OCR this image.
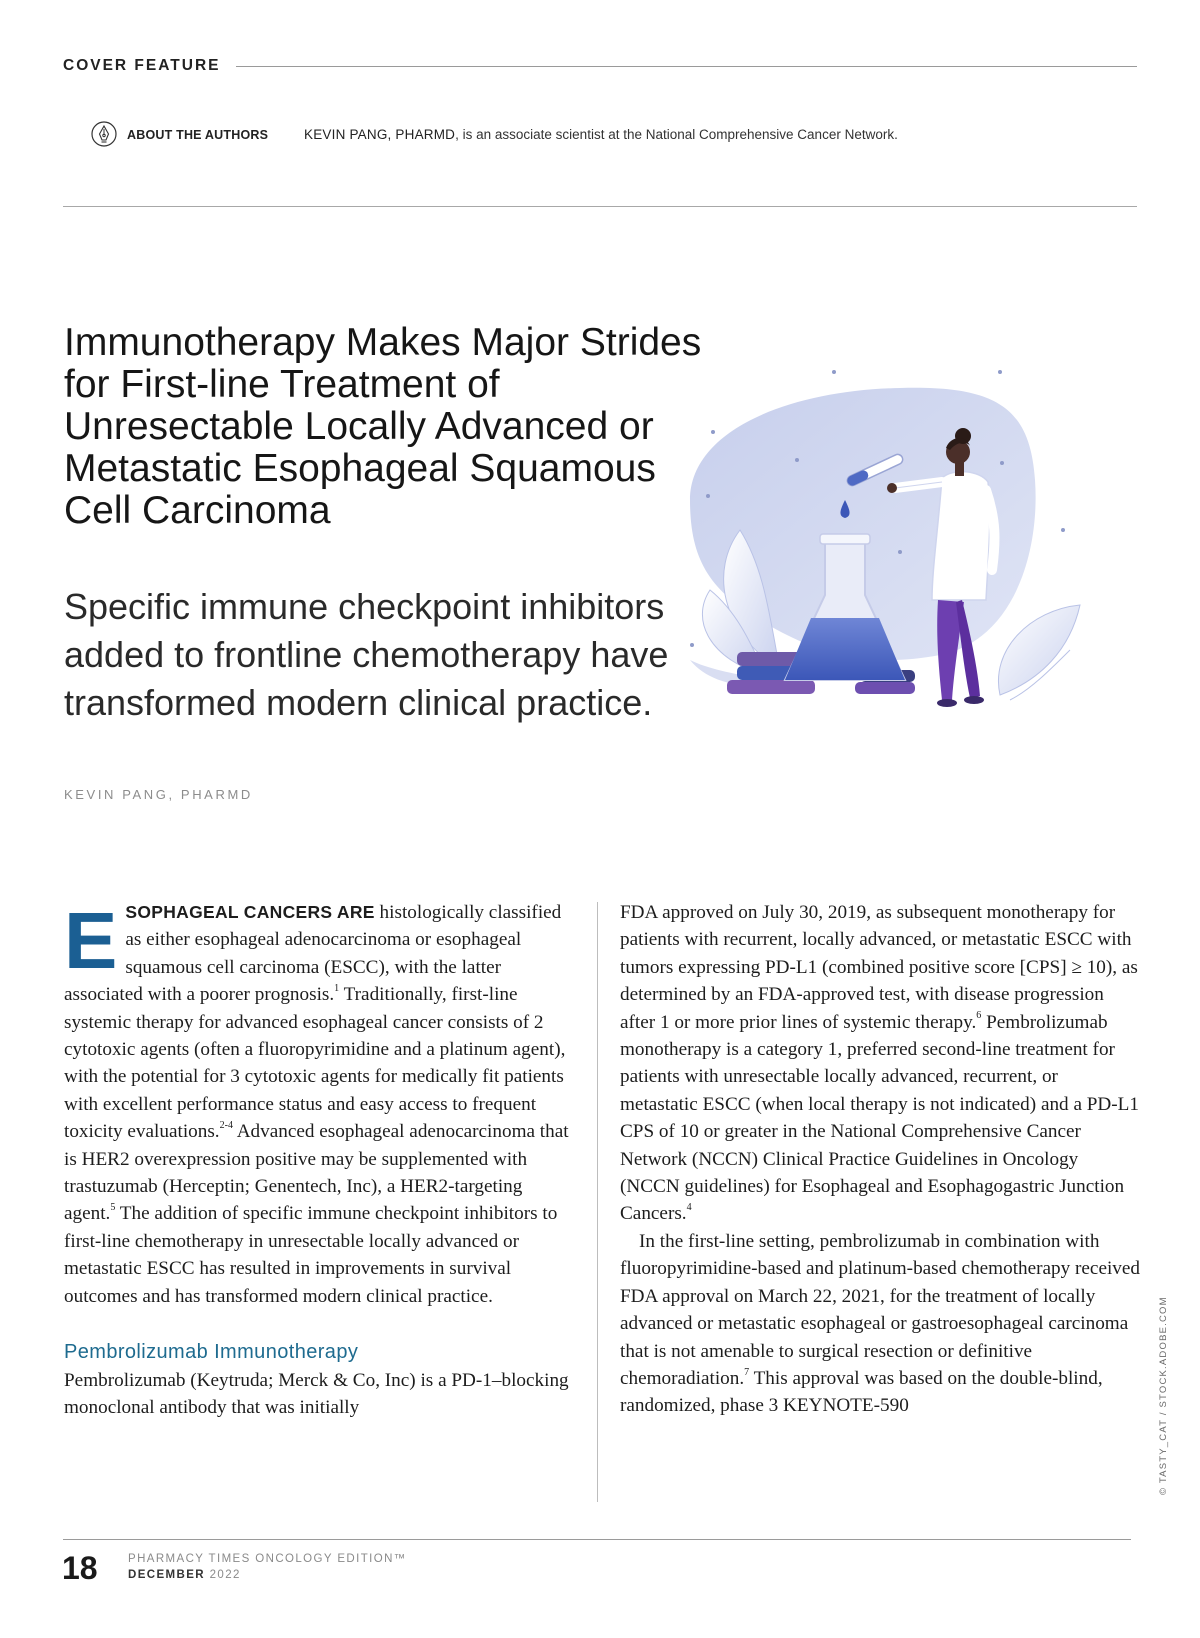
COVER FEATURE
ABOUT THE AUTHORS	KEVIN PANG, PHARMD, is an associate scientist at the National Comprehensive Cancer Network.
Immunotherapy Makes Major Strides for First-line Treatment of Unresectable Locally Advanced or Metastatic Esophageal Squamous Cell Carcinoma
Specific immune checkpoint inhibitors added to frontline chemotherapy have transformed modern clinical practice.
KEVIN PANG, PHARMD

ESOPHAGEAL CANCERS ARE histologically classified as either esophageal adenocarcinoma or esophageal squamous cell carcinoma (ESCC), with the latter associated with a poorer prognosis.$^1$ Traditionally, first-line systemic therapy for advanced esophageal cancer consists of 2 cytotoxic agents (often a fluoropyrimidine and a platinum agent), with the potential for 3 cytotoxic agents for medically fit patients with excellent performance status and easy access to frequent toxicity evaluations.$^{2-4}$ Advanced esophageal adenocarcinoma that is HER2 overexpression positive may be supplemented with trastuzumab (Herceptin; Genentech, Inc), a HER2-targeting agent.$^5$ The addition of specific immune checkpoint inhibitors to first-line chemotherapy in unresectable locally advanced or metastatic ESCC has resulted in improvements in survival outcomes and has transformed modern clinical practice.

Pembrolizumab Immunotherapy

Pembrolizumab (Keytruda; Merck & Co, Inc) is a PD-1–blocking monoclonal antibody that was initially

FDA approved on July 30, 2019, as subsequent monotherapy for patients with recurrent, locally advanced, or metastatic ESCC with tumors expressing PD-L1 (combined positive score [CPS] ≥ 10), as determined by an FDA-approved test, with disease progression after 1 or more prior lines of systemic therapy.$^6$ Pembrolizumab monotherapy is a category 1, preferred second-line treatment for patients with unresectable locally advanced, recurrent, or metastatic ESCC (when local therapy is not indicated) and a PD-L1 CPS of 10 or greater in the National Comprehensive Cancer Network (NCCN) Clinical Practice Guidelines in Oncology (NCCN guidelines) for Esophageal and Esophagogastric Junction Cancers.$^4$

In the first-line setting, pembrolizumab in combination with fluoropyrimidine-based and platinum-based chemotherapy received FDA approval on March 22, 2021, for the treatment of locally advanced or metastatic esophageal or gastroesophageal carcinoma that is not amenable to surgical resection or definitive chemoradiation.$^7$ This approval was based on the double-blind, randomized, phase 3 KEYNOTE-590	© TASTY_CAT / STOCK.ADOBE.COM
18	PHARMACY TIMES ONCOLOGY EDITION™
DECEMBER 2022
